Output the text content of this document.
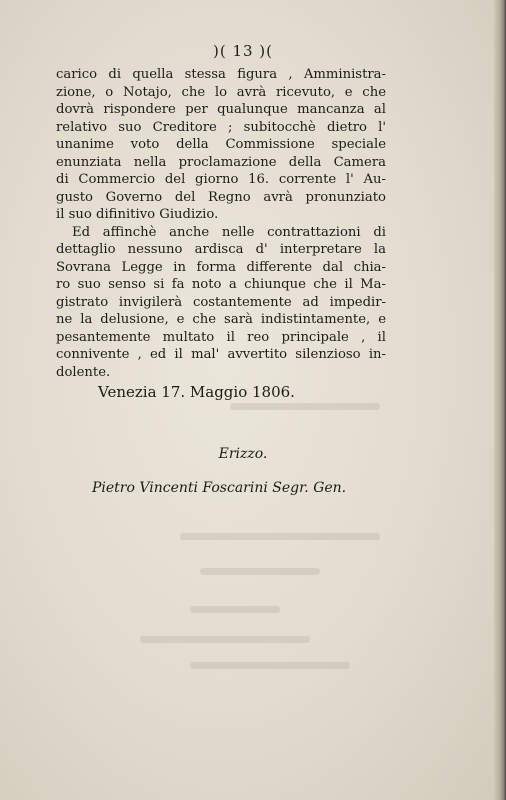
)( 13 )(
carico di quella stessa figura , Amministra-
zione, o Notajo, che lo avrà ricevuto, e che
dovrà rispondere per qualunque mancanza al
relativo suo Creditore ; subitocchè dietro l'
unanime voto della Commissione speciale
enunziata nella proclamazione della Camera
di Commercio del giorno 16. corrente l' Au-
gusto Governo del Regno avrà pronunziato
il suo difinitivo Giudizio.
Ed affinchè anche nelle contrattazioni di
dettaglio nessuno ardisca d' interpretare la
Sovrana Legge in forma differente dal chia-
ro suo senso si fa noto a chiunque che il Ma-
gistrato invigilerà costantemente ad impedir-
ne la delusione, e che sarà indistintamente, e
pesantemente multato il reo principale , il
connivente , ed il mal' avvertito silenzioso in-
dolente.
Venezia 17. Maggio 1806.
Erizzo.
Pietro Vincenti Foscarini Segr. Gen.
